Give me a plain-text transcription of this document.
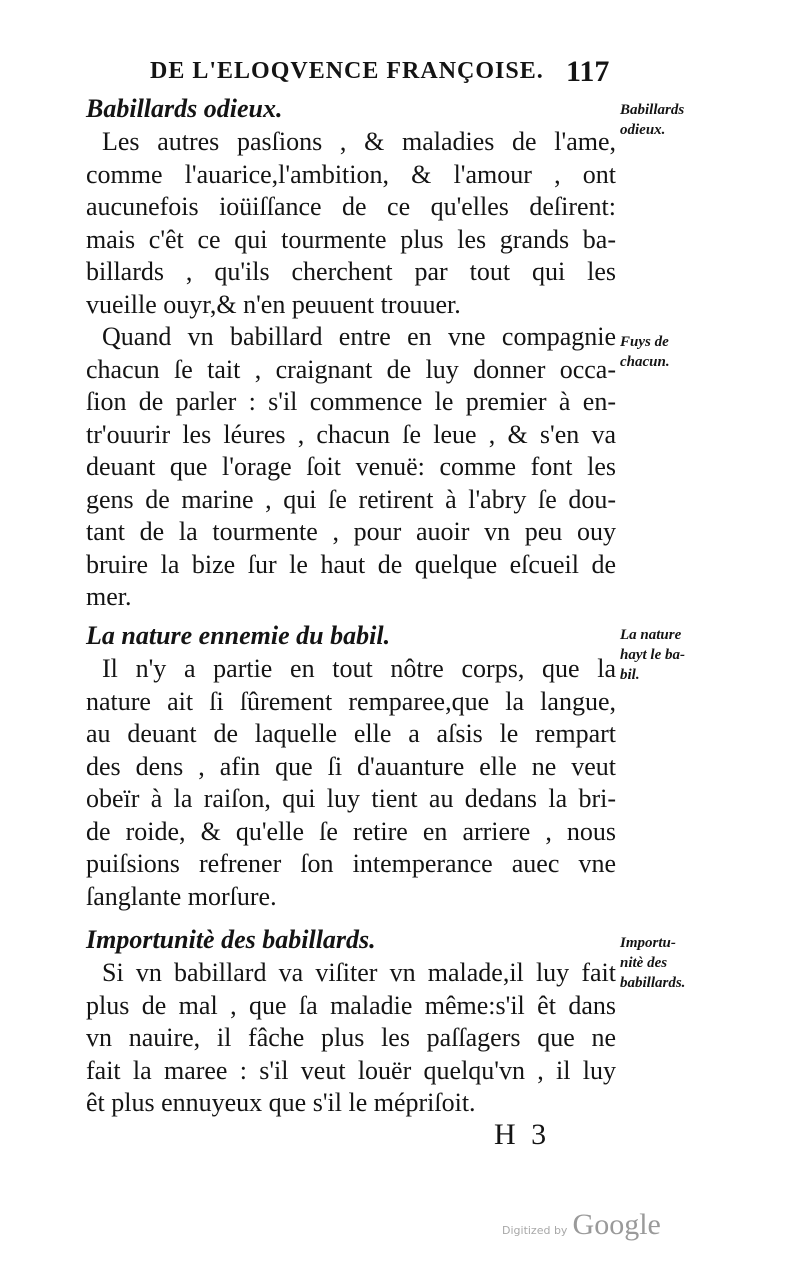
DE L'ELOQVENCE FRANÇOISE. 117
Babillards odieux.
Les autres pasſions , & maladies de l'ame,
comme l'auarice,l'ambition, & l'amour , ont
aucunefois ioüiſſance de ce qu'elles deſirent:
mais c'êt ce qui tourmente plus les grands ba-
billards , qu'ils cherchent par tout qui les
vueille ouyr,& n'en peuuent trouuer.
Quand vn babillard entre en vne compagnie
chacun ſe tait , craignant de luy donner occa-
ſion de parler : s'il commence le premier à en-
tr'ouurir les léures , chacun ſe leue , & s'en va
deuant que l'orage ſoit venuë: comme font les
gens de marine , qui ſe retirent à l'abry ſe dou-
tant de la tourmente , pour auoir vn peu ouy
bruire la bize ſur le haut de quelque eſcueil de
mer.
La nature ennemie du babil.
Il n'y a partie en tout nôtre corps, que la
nature ait ſi ſûrement remparee,que la langue,
au deuant de laquelle elle a aſsis le rempart
des dens , afin que ſi d'auanture elle ne veut
obeïr à la raiſon, qui luy tient au dedans la bri-
de roide, & qu'elle ſe retire en arriere , nous
puiſsions refrener ſon intemperance auec vne
ſanglante morſure.
Importunitè des babillards.
Si vn babillard va viſiter vn malade,il luy fait
plus de mal , que ſa maladie même:s'il êt dans
vn nauire, il fâche plus les paſſagers que ne
fait la maree : s'il veut louër quelqu'vn , il luy
êt plus ennuyeux que s'il le mépriſoit.
Babillards
odieux.
Fuys de
chacun.
La nature
hayt le ba-
bil.
Importu-
nitè des
babillards.
H 3
Digitized by Google
